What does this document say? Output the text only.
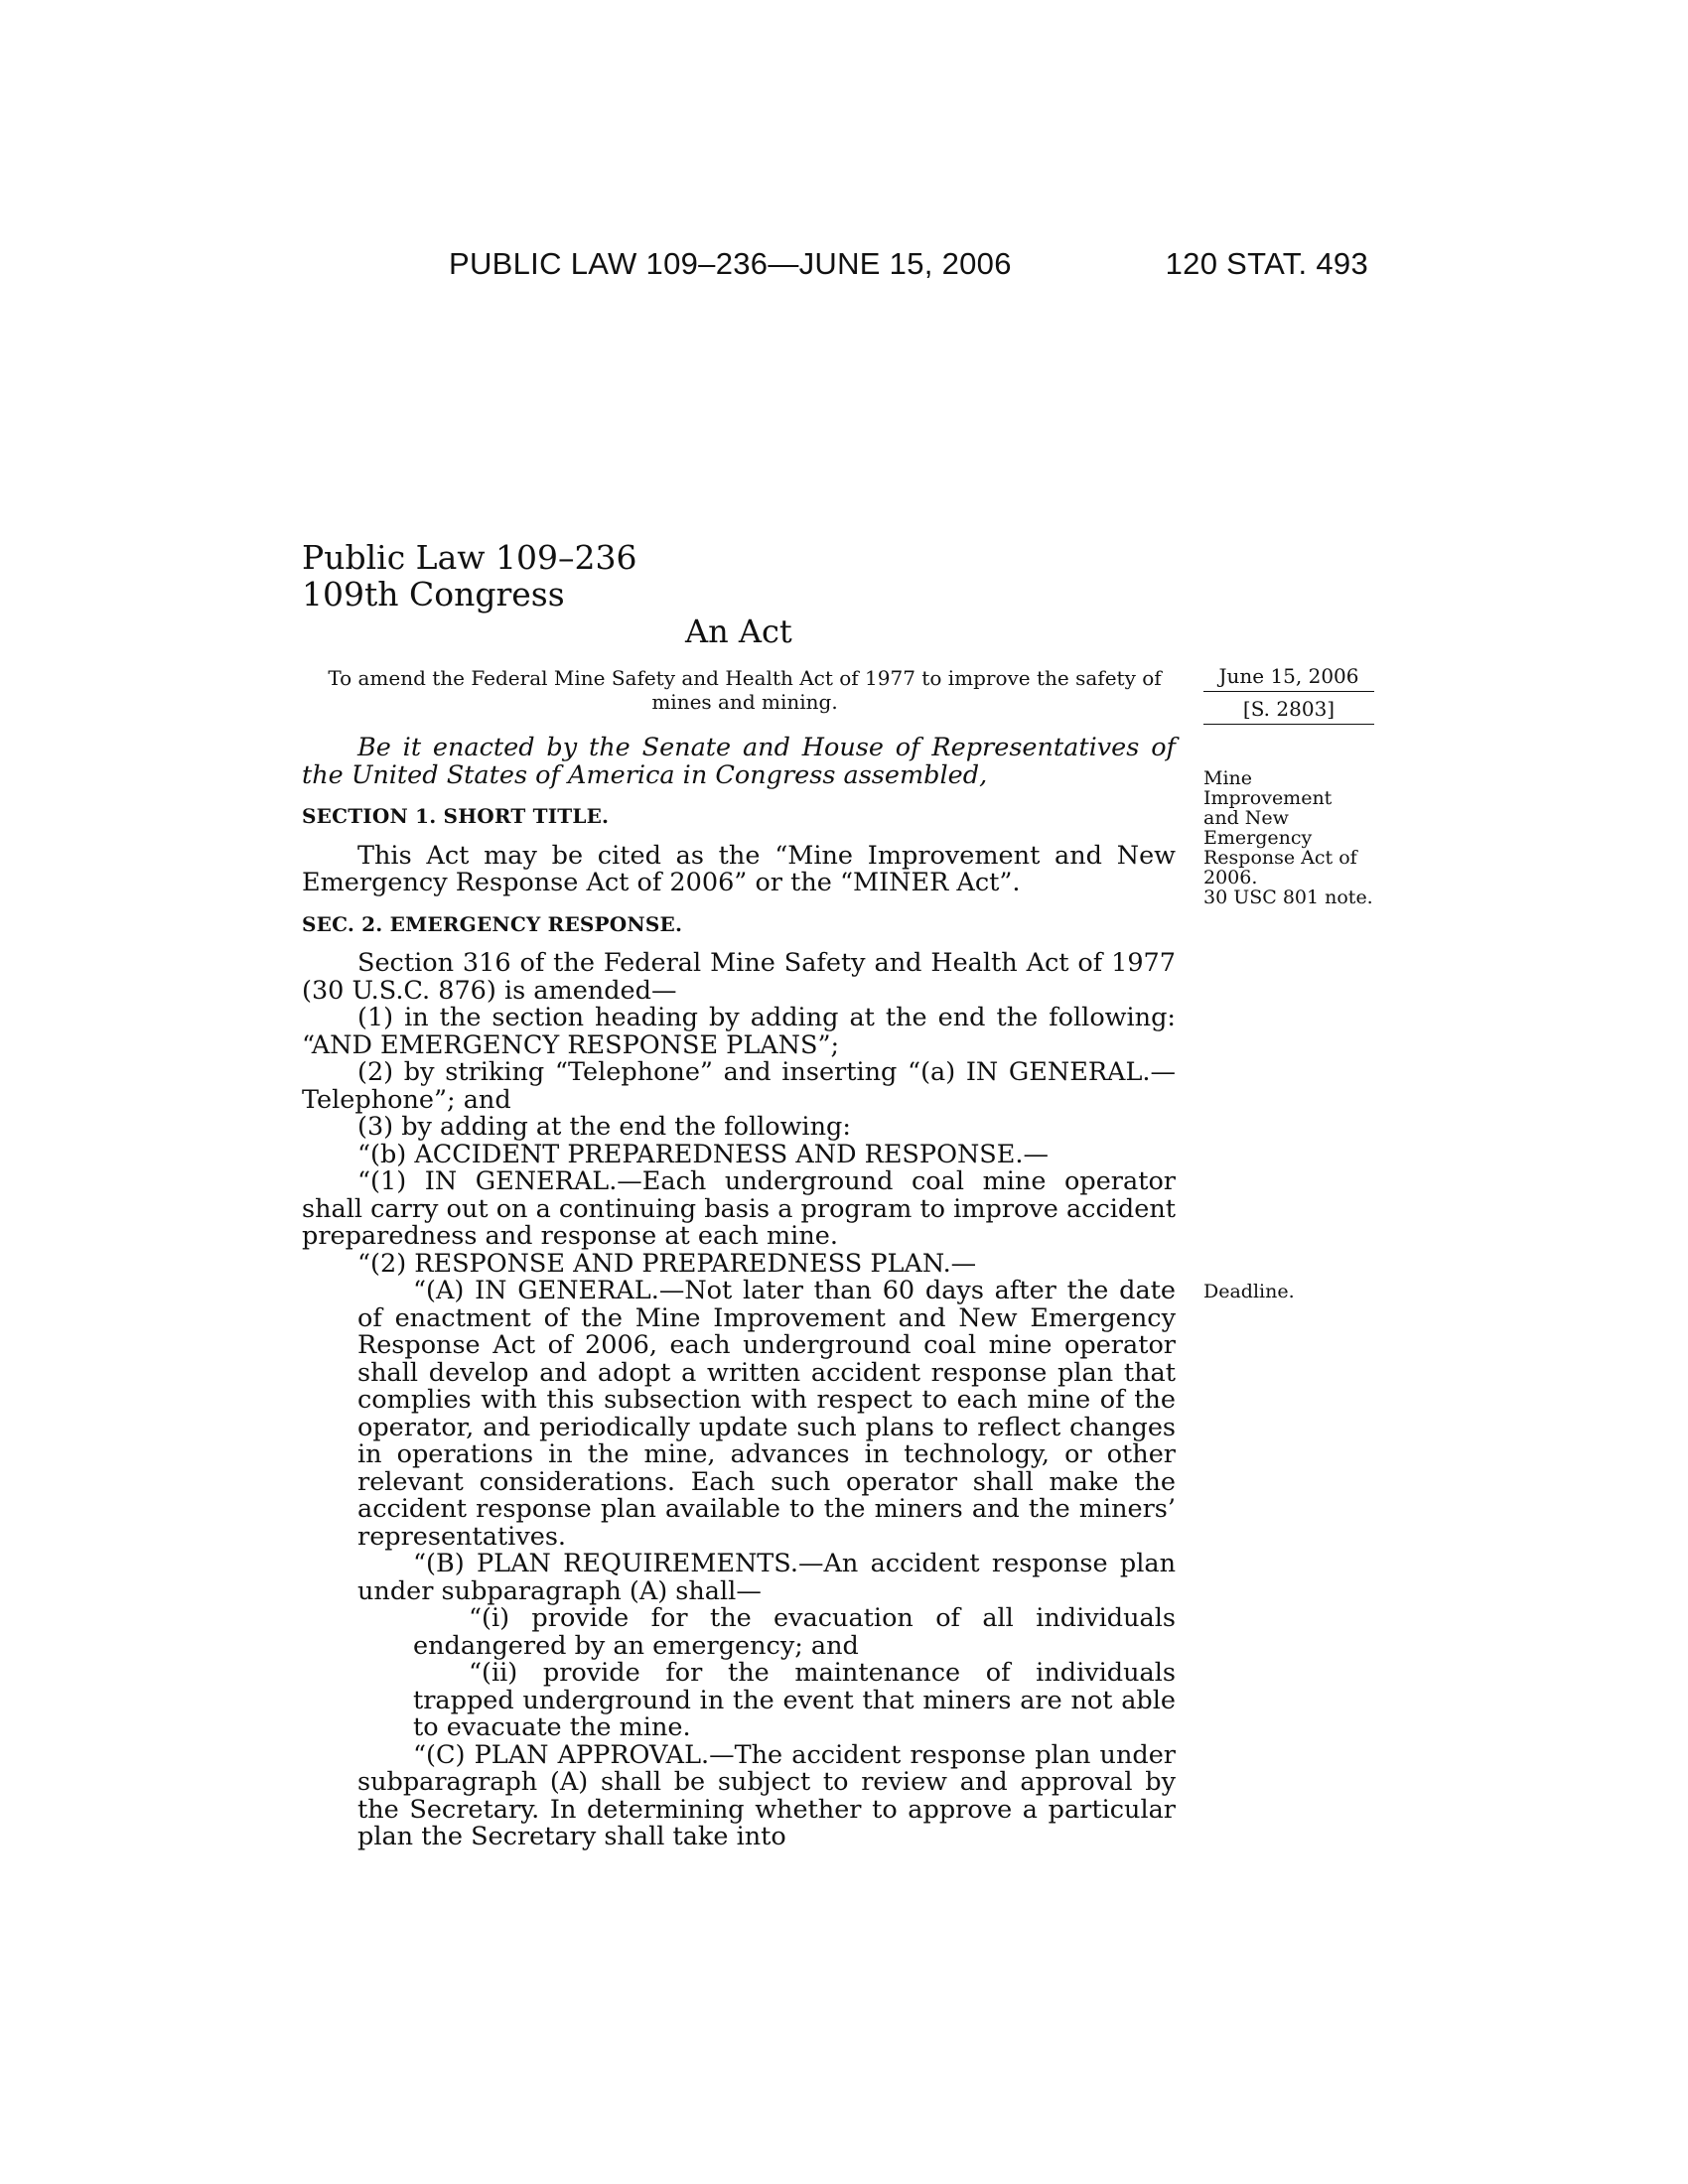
PUBLIC LAW 109–236—JUNE 15, 2006	120 STAT. 493
Public Law 109–236
109th Congress
An Act
To amend the Federal Mine Safety and Health Act of 1977 to improve the safety of mines and mining.
June 15, 2006
[S. 2803]

Be it enacted by the Senate and House of Representatives of the United States of America in Congress assembled,

SECTION 1. SHORT TITLE.

This Act may be cited as the “Mine Improvement and New Emergency Response Act of 2006” or the “MINER Act”.

SEC. 2. EMERGENCY RESPONSE.

Section 316 of the Federal Mine Safety and Health Act of 1977 (30 U.S.C. 876) is amended—

(1) in the section heading by adding at the end the following: “AND EMERGENCY RESPONSE PLANS”;

(2) by striking “Telephone” and inserting “(a) IN GENERAL.—Telephone”; and

(3) by adding at the end the following:

“(b) ACCIDENT PREPAREDNESS AND RESPONSE.—

“(1) IN GENERAL.—Each underground coal mine operator shall carry out on a continuing basis a program to improve accident preparedness and response at each mine.

“(2) RESPONSE AND PREPAREDNESS PLAN.—

“(A) IN GENERAL.—Not later than 60 days after the date of enactment of the Mine Improvement and New Emergency Response Act of 2006, each underground coal mine operator shall develop and adopt a written accident response plan that complies with this subsection with respect to each mine of the operator, and periodically update such plans to reflect changes in operations in the mine, advances in technology, or other relevant considerations. Each such operator shall make the accident response plan available to the miners and the miners’ representatives.

“(B) PLAN REQUIREMENTS.—An accident response plan under subparagraph (A) shall—

“(i) provide for the evacuation of all individuals endangered by an emergency; and

“(ii) provide for the maintenance of individuals trapped underground in the event that miners are not able to evacuate the mine.

“(C) PLAN APPROVAL.—The accident response plan under subparagraph (A) shall be subject to review and approval by the Secretary. In determining whether to approve a particular plan the Secretary shall take into

Mine
Improvement
and New
Emergency
Response Act of
2006.
30 USC 801 note.
Deadline.
